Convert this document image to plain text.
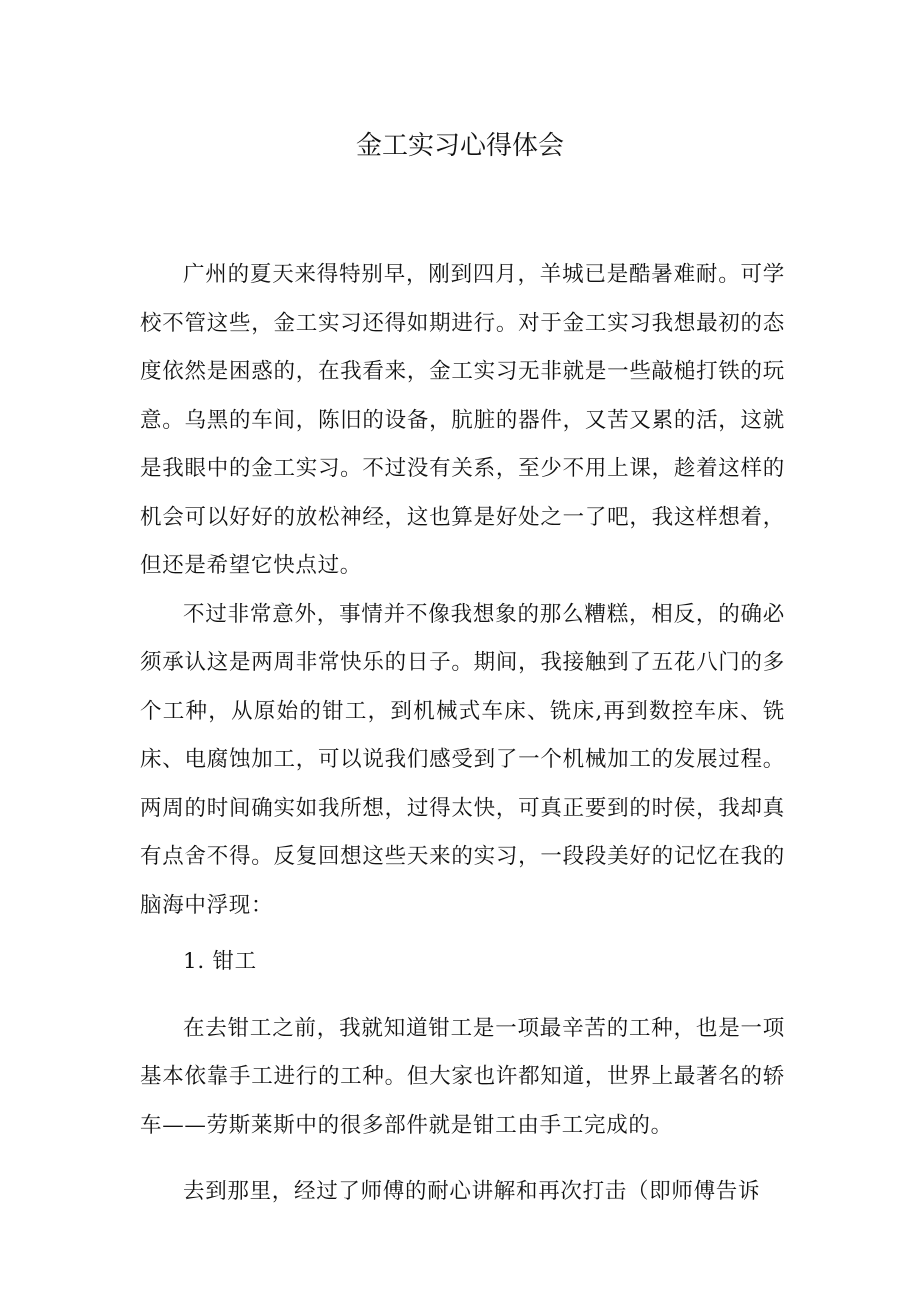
金工实习心得体会

广州的夏天来得特别早，刚到四月，羊城已是酷暑难耐。可学校不管这些，金工实习还得如期进行。对于金工实习我想最初的态度依然是困惑的，在我看来，金工实习无非就是一些敲槌打铁的玩意。乌黑的车间，陈旧的设备，肮脏的器件，又苦又累的活，这就是我眼中的金工实习。不过没有关系，至少不用上课，趁着这样的机会可以好好的放松神经，这也算是好处之一了吧，我这样想着，但还是希望它快点过。

不过非常意外，事情并不像我想象的那么糟糕，相反，的确必须承认这是两周非常快乐的日子。期间，我接触到了五花八门的多个工种，从原始的钳工，到机械式车床、铣床,再到数控车床、铣床、电腐蚀加工，可以说我们感受到了一个机械加工的发展过程。两周的时间确实如我所想，过得太快，可真正要到的时侯，我却真有点舍不得。反复回想这些天来的实习，一段段美好的记忆在我的脑海中浮现：

1. 钳工

在去钳工之前，我就知道钳工是一项最辛苦的工种，也是一项基本依靠手工进行的工种。但大家也许都知道，世界上最著名的轿车——劳斯莱斯中的很多部件就是钳工由手工完成的。

去到那里，经过了师傅的耐心讲解和再次打击（即师傅告诉
